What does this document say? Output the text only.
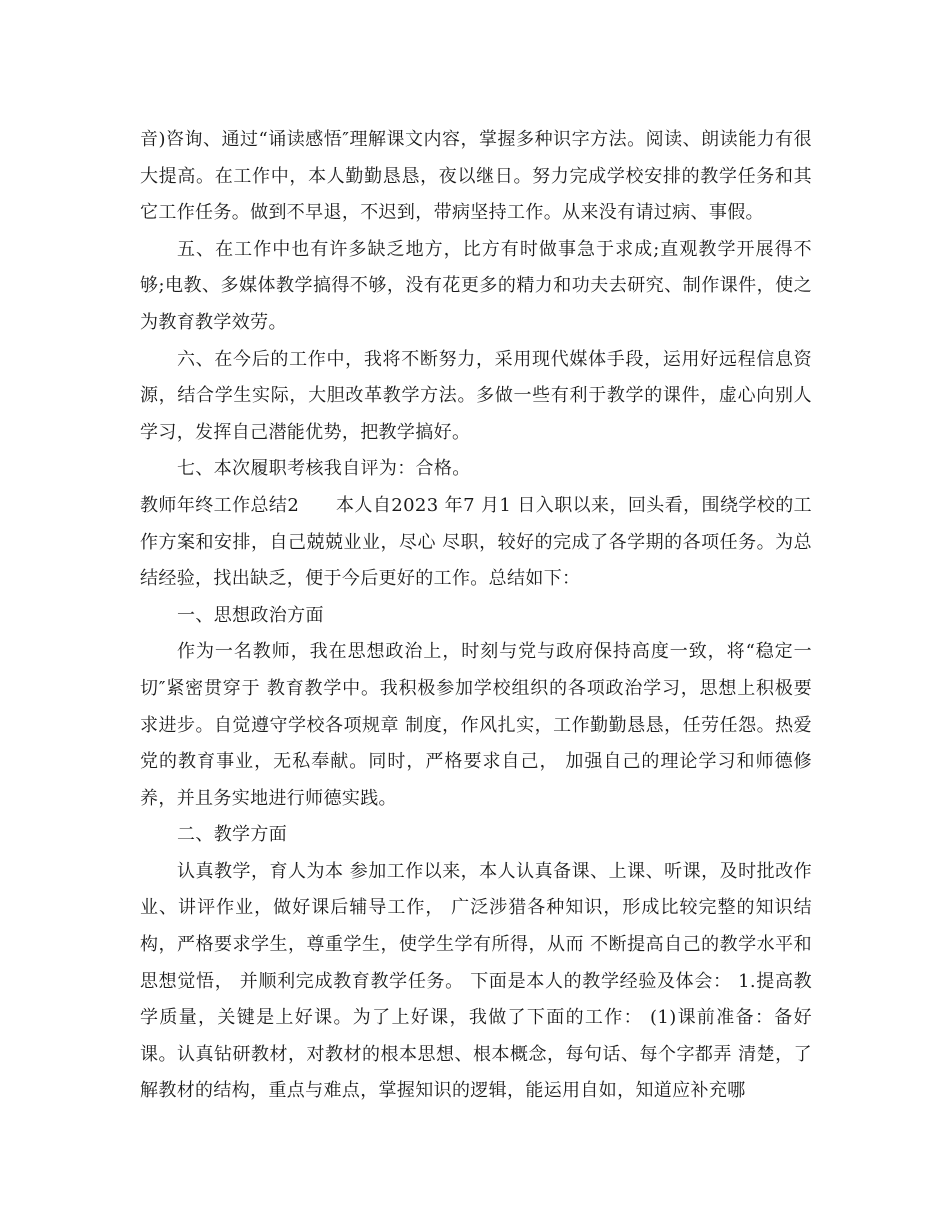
音)咨询、通过“诵读感悟″理解课文内容，掌握多种识字方法。阅读、朗读能力有很大提高。在工作中，本人勤勤恳恳，夜以继日。努力完成学校安排的教学任务和其它工作任务。做到不早退，不迟到，带病坚持工作。从来没有请过病、事假。

五、在工作中也有许多缺乏地方，比方有时做事急于求成;直观教学开展得不够;电教、多媒体教学搞得不够，没有花更多的精力和功夫去研究、制作课件，使之为教育教学效劳。

六、在今后的工作中，我将不断努力，采用现代媒体手段，运用好远程信息资源，结合学生实际，大胆改革教学方法。多做一些有利于教学的课件，虚心向别人学习，发挥自己潜能优势，把教学搞好。

七、本次履职考核我自评为：合格。

教师年终工作总结2　　本人自2023 年7 月1 日入职以来，回头看，围绕学校的工作方案和安排，自己兢兢业业，尽心 尽职，较好的完成了各学期的各项任务。为总结经验，找出缺乏，便于今后更好的工作。总结如下：

一、思想政治方面

作为一名教师，我在思想政治上，时刻与党与政府保持高度一致，将“稳定一切″紧密贯穿于 教育教学中。我积极参加学校组织的各项政治学习，思想上积极要求进步。自觉遵守学校各项规章 制度，作风扎实，工作勤勤恳恳，任劳任怨。热爱党的教育事业，无私奉献。同时，严格要求自己， 加强自己的理论学习和师德修养，并且务实地进行师德实践。

二、教学方面

认真教学，育人为本 参加工作以来，本人认真备课、上课、听课，及时批改作业、讲评作业，做好课后辅导工作， 广泛涉猎各种知识，形成比较完整的知识结构，严格要求学生，尊重学生，使学生学有所得，从而 不断提高自己的教学水平和思想觉悟， 并顺利完成教育教学任务。 下面是本人的教学经验及体会： 1.提高教学质量，关键是上好课。为了上好课，我做了下面的工作： (1)课前准备：备好课。认真钻研教材，对教材的根本思想、根本概念，每句话、每个字都弄 清楚，了解教材的结构，重点与难点，掌握知识的逻辑，能运用自如，知道应补充哪
